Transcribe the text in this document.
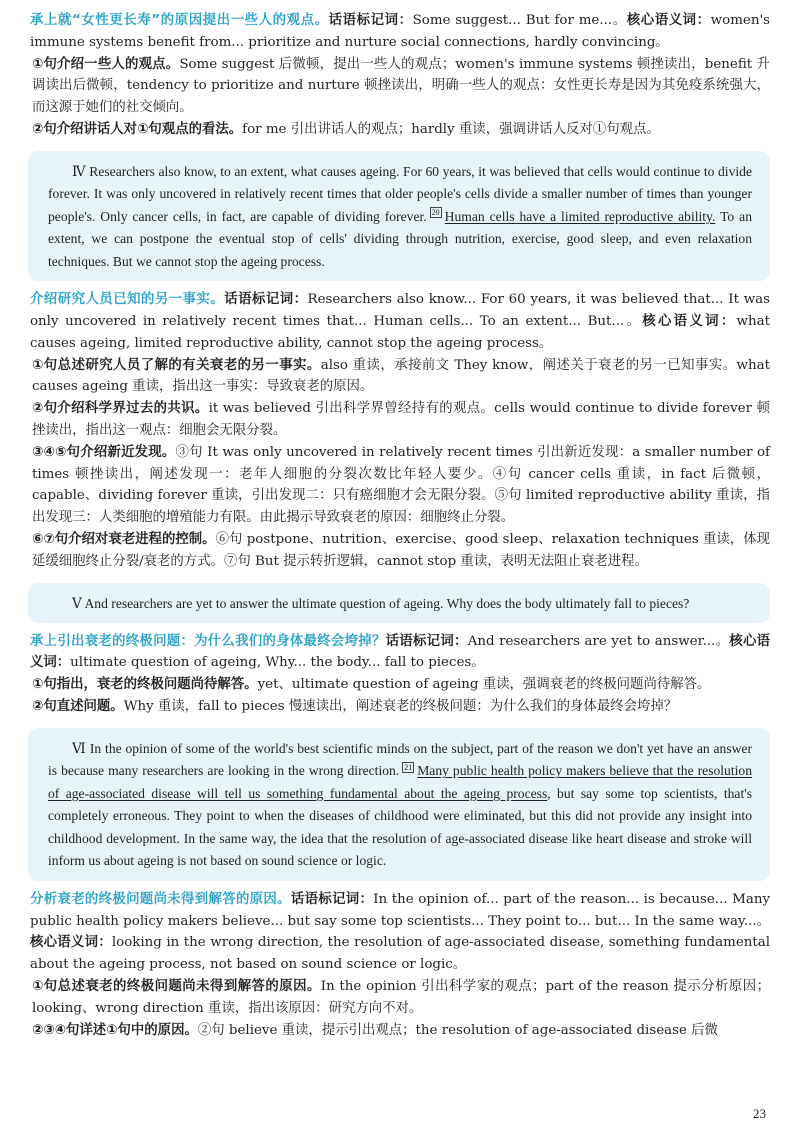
承上就“女性更长寿”的原因提出一些人的观点。话语标记词：Some suggest... But for me...。核心语义词：women's immune systems benefit from... prioritize and nurture social connections, hardly convincing。

①句介绍一些人的观点。Some suggest 后微顿，提出一些人的观点；women's immune systems 顿挫读出，benefit 升调读出后微顿，tendency to prioritize and nurture 顿挫读出，明确一些人的观点：女性更长寿是因为其免疫系统强大，而这源于她们的社交倾向。

②句介绍讲话人对①句观点的看法。for me 引出讲话人的观点；hardly 重读，强调讲话人反对①句观点。

Ⅳ Researchers also know, to an extent, what causes ageing. For 60 years, it was believed that cells would continue to divide forever. It was only uncovered in relatively recent times that older people's cells divide a smaller number of times than younger people's. Only cancer cells, in fact, are capable of dividing forever. $^{20}$ Human cells have a limited reproductive ability. To an extent, we can postpone the eventual stop of cells' dividing through nutrition, exercise, good sleep, and even relaxation techniques. But we cannot stop the ageing process.

介绍研究人员已知的另一事实。话语标记词：Researchers also know... For 60 years, it was believed that... It was only uncovered in relatively recent times that... Human cells... To an extent... But...。核心语义词：what causes ageing, limited reproductive ability, cannot stop the ageing process。

①句总述研究人员了解的有关衰老的另一事实。also 重读，承接前文 They know，阐述关于衰老的另一已知事实。what causes ageing 重读，指出这一事实：导致衰老的原因。

②句介绍科学界过去的共识。it was believed 引出科学界曾经持有的观点。cells would continue to divide forever 顿挫读出，指出这一观点：细胞会无限分裂。

③④⑤句介绍新近发现。③句 It was only uncovered in relatively recent times 引出新近发现：a smaller number of times 顿挫读出，阐述发现一：老年人细胞的分裂次数比年轻人要少。④句 cancer cells 重读，in fact 后微顿，capable、dividing forever 重读，引出发现二：只有癌细胞才会无限分裂。⑤句 limited reproductive ability 重读，指出发现三：人类细胞的增殖能力有限。由此揭示导致衰老的原因：细胞终止分裂。

⑥⑦句介绍对衰老进程的控制。⑥句 postpone、nutrition、exercise、good sleep、relaxation techniques 重读，体现延缓细胞终止分裂/衰老的方式。⑦句 But 提示转折逻辑，cannot stop 重读，表明无法阻止衰老进程。

Ⅴ And researchers are yet to answer the ultimate question of ageing. Why does the body ultimately fall to pieces?

承上引出衰老的终极问题：为什么我们的身体最终会垮掉？话语标记词：And researchers are yet to answer...。核心语义词：ultimate question of ageing, Why... the body... fall to pieces。

①句指出，衰老的终极问题尚待解答。yet、ultimate question of ageing 重读，强调衰老的终极问题尚待解答。

②句直述问题。Why 重读，fall to pieces 慢速读出，阐述衰老的终极问题：为什么我们的身体最终会垮掉？

Ⅵ In the opinion of some of the world's best scientific minds on the subject, part of the reason we don't yet have an answer is because many researchers are looking in the wrong direction. $^{21}$ Many public health policy makers believe that the resolution of age-associated disease will tell us something fundamental about the ageing process, but say some top scientists, that's completely erroneous. They point to when the diseases of childhood were eliminated, but this did not provide any insight into childhood development. In the same way, the idea that the resolution of age-associated disease like heart disease and stroke will inform us about ageing is not based on sound science or logic.

分析衰老的终极问题尚未得到解答的原因。话语标记词：In the opinion of... part of the reason... is because... Many public health policy makers believe... but say some top scientists... They point to... but... In the same way...。核心语义词：looking in the wrong direction, the resolution of age-associated disease, something fundamental about the ageing process, not based on sound science or logic。

①句总述衰老的终极问题尚未得到解答的原因。In the opinion 引出科学家的观点；part of the reason 提示分析原因；looking、wrong direction 重读，指出该原因：研究方向不对。

②③④句详述①句中的原因。②句 believe 重读，提示引出观点；the resolution of age-associated disease 后微

23
